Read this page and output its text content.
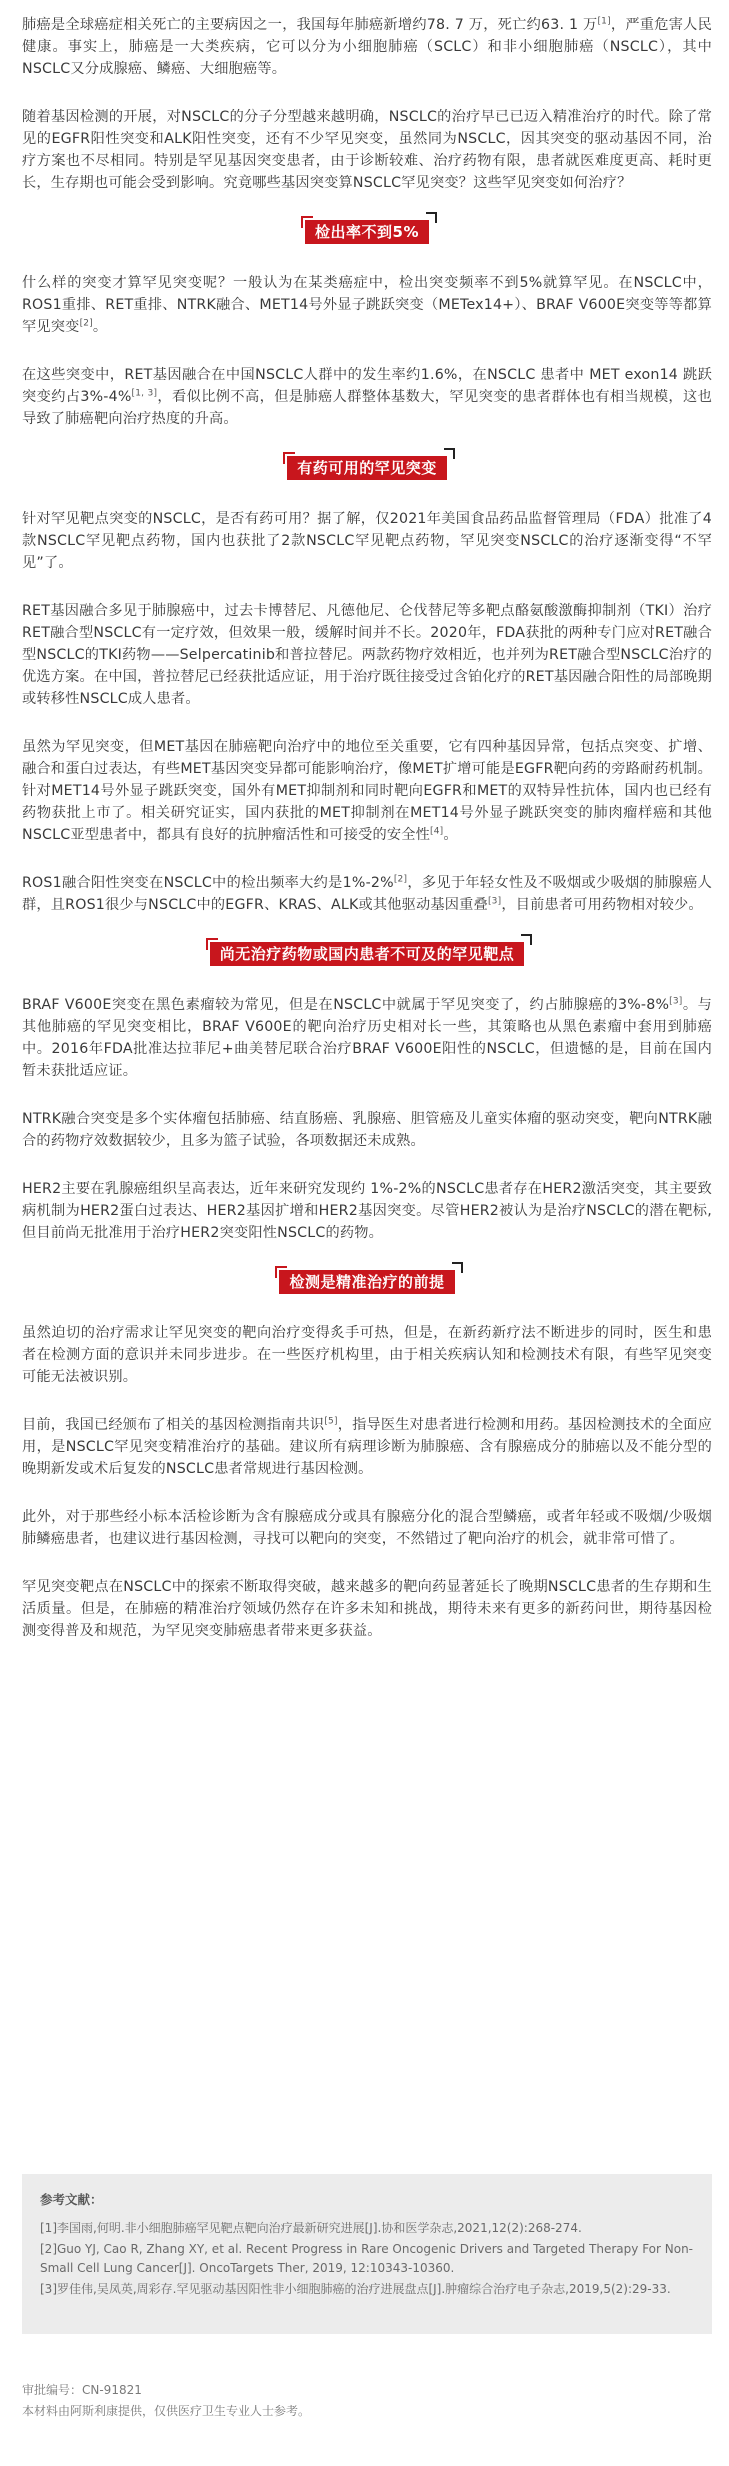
肺癌是全球癌症相关死亡的主要病因之一，我国每年肺癌新增约78. 7 万，死亡约63. 1 万[1]，严重危害人民健康。事实上，肺癌是一大类疾病，它可以分为小细胞肺癌（SCLC）和非小细胞肺癌（NSCLC），其中NSCLC又分成腺癌、鳞癌、大细胞癌等。

随着基因检测的开展，对NSCLC的分子分型越来越明确，NSCLC的治疗早已已迈入精准治疗的时代。除了常见的EGFR阳性突变和ALK阳性突变，还有不少罕见突变，虽然同为NSCLC，因其突变的驱动基因不同，治疗方案也不尽相同。特别是罕见基因突变患者，由于诊断较难、治疗药物有限，患者就医难度更高、耗时更长，生存期也可能会受到影响。究竟哪些基因突变算NSCLC罕见突变？这些罕见突变如何治疗？

检出率不到5%

什么样的突变才算罕见突变呢？一般认为在某类癌症中，检出突变频率不到5%就算罕见。在NSCLC中，ROS1重排、RET重排、NTRK融合、MET14号外显子跳跃突变（METex14+）、BRAF V600E突变等等都算罕见突变[2]。

在这些突变中，RET基因融合在中国NSCLC人群中的发生率约1.6%，在NSCLC 患者中 MET exon14 跳跃突变约占3%-4%[1, 3]，看似比例不高，但是肺癌人群整体基数大，罕见突变的患者群体也有相当规模，这也导致了肺癌靶向治疗热度的升高。

有药可用的罕见突变

针对罕见靶点突变的NSCLC，是否有药可用？据了解，仅2021年美国食品药品监督管理局（FDA）批准了4款NSCLC罕见靶点药物，国内也获批了2款NSCLC罕见靶点药物，罕见突变NSCLC的治疗逐渐变得“不罕见”了。

RET基因融合多见于肺腺癌中，过去卡博替尼、凡德他尼、仑伐替尼等多靶点酪氨酸激酶抑制剂（TKI）治疗RET融合型NSCLC有一定疗效，但效果一般，缓解时间并不长。2020年，FDA获批的两种专门应对RET融合型NSCLC的TKI药物——Selpercatinib和普拉替尼。两款药物疗效相近，也并列为RET融合型NSCLC治疗的优选方案。在中国，普拉替尼已经获批适应证，用于治疗既往接受过含铂化疗的RET基因融合阳性的局部晚期或转移性NSCLC成人患者。

虽然为罕见突变，但MET基因在肺癌靶向治疗中的地位至关重要，它有四种基因异常，包括点突变、扩增、融合和蛋白过表达，有些MET基因突变异都可能影响治疗，像MET扩增可能是EGFR靶向药的旁路耐药机制。针对MET14号外显子跳跃突变，国外有MET抑制剂和同时靶向EGFR和MET的双特异性抗体，国内也已经有药物获批上市了。相关研究证实，国内获批的MET抑制剂在MET14号外显子跳跃突变的肺肉瘤样癌和其他NSCLC亚型患者中，都具有良好的抗肿瘤活性和可接受的安全性[4]。

ROS1融合阳性突变在NSCLC中的检出频率大约是1%-2%[2]，多见于年轻女性及不吸烟或少吸烟的肺腺癌人群，且ROS1很少与NSCLC中的EGFR、KRAS、ALK或其他驱动基因重叠[3]，目前患者可用药物相对较少。

尚无治疗药物或国内患者不可及的罕见靶点

BRAF V600E突变在黑色素瘤较为常见，但是在NSCLC中就属于罕见突变了，约占肺腺癌的3%-8%[3]。与其他肺癌的罕见突变相比，BRAF V600E的靶向治疗历史相对长一些，其策略也从黑色素瘤中套用到肺癌中。2016年FDA批准达拉菲尼+曲美替尼联合治疗BRAF V600E阳性的NSCLC，但遗憾的是，目前在国内暂未获批适应证。

NTRK融合突变是多个实体瘤包括肺癌、结直肠癌、乳腺癌、胆管癌及儿童实体瘤的驱动突变，靶向NTRK融合的药物疗效数据较少，且多为篮子试验，各项数据还未成熟。

HER2主要在乳腺癌组织呈高表达，近年来研究发现约 1%-2%的NSCLC患者存在HER2激活突变，其主要致病机制为HER2蛋白过表达、HER2基因扩增和HER2基因突变。尽管HER2被认为是治疗NSCLC的潜在靶标, 但目前尚无批准用于治疗HER2突变阳性NSCLC的药物。

检测是精准治疗的前提

虽然迫切的治疗需求让罕见突变的靶向治疗变得炙手可热，但是，在新药新疗法不断进步的同时，医生和患者在检测方面的意识并未同步进步。在一些医疗机构里，由于相关疾病认知和检测技术有限，有些罕见突变可能无法被识别。

目前，我国已经颁布了相关的基因检测指南共识[5]，指导医生对患者进行检测和用药。基因检测技术的全面应用，是NSCLC罕见突变精准治疗的基础。建议所有病理诊断为肺腺癌、含有腺癌成分的肺癌以及不能分型的晚期新发或术后复发的NSCLC患者常规进行基因检测。

此外，对于那些经小标本活检诊断为含有腺癌成分或具有腺癌分化的混合型鳞癌，或者年轻或不吸烟/少吸烟肺鳞癌患者，也建议进行基因检测，寻找可以靶向的突变，不然错过了靶向治疗的机会，就非常可惜了。

罕见突变靶点在NSCLC中的探索不断取得突破，越来越多的靶向药显著延长了晚期NSCLC患者的生存期和生活质量。但是，在肺癌的精准治疗领域仍然存在许多未知和挑战，期待未来有更多的新药问世，期待基因检测变得普及和规范，为罕见突变肺癌患者带来更多获益。

参考文献：
[1]李国雨,何明.非小细胞肺癌罕见靶点靶向治疗最新研究进展[J].协和医学杂志,2021,12(2):268-274.
[2]Guo YJ, Cao R, Zhang XY, et al. Recent Progress in Rare Oncogenic Drivers and Targeted Therapy For Non-Small Cell Lung Cancer[J]. OncoTargets Ther, 2019, 12:10343-10360.
[3]罗佳伟,吴凤英,周彩存.罕见驱动基因阳性非小细胞肺癌的治疗进展盘点[J].肿瘤综合治疗电子杂志,2019,5(2):29-33.
审批编号：CN-91821
本材料由阿斯利康提供，仅供医疗卫生专业人士参考。
